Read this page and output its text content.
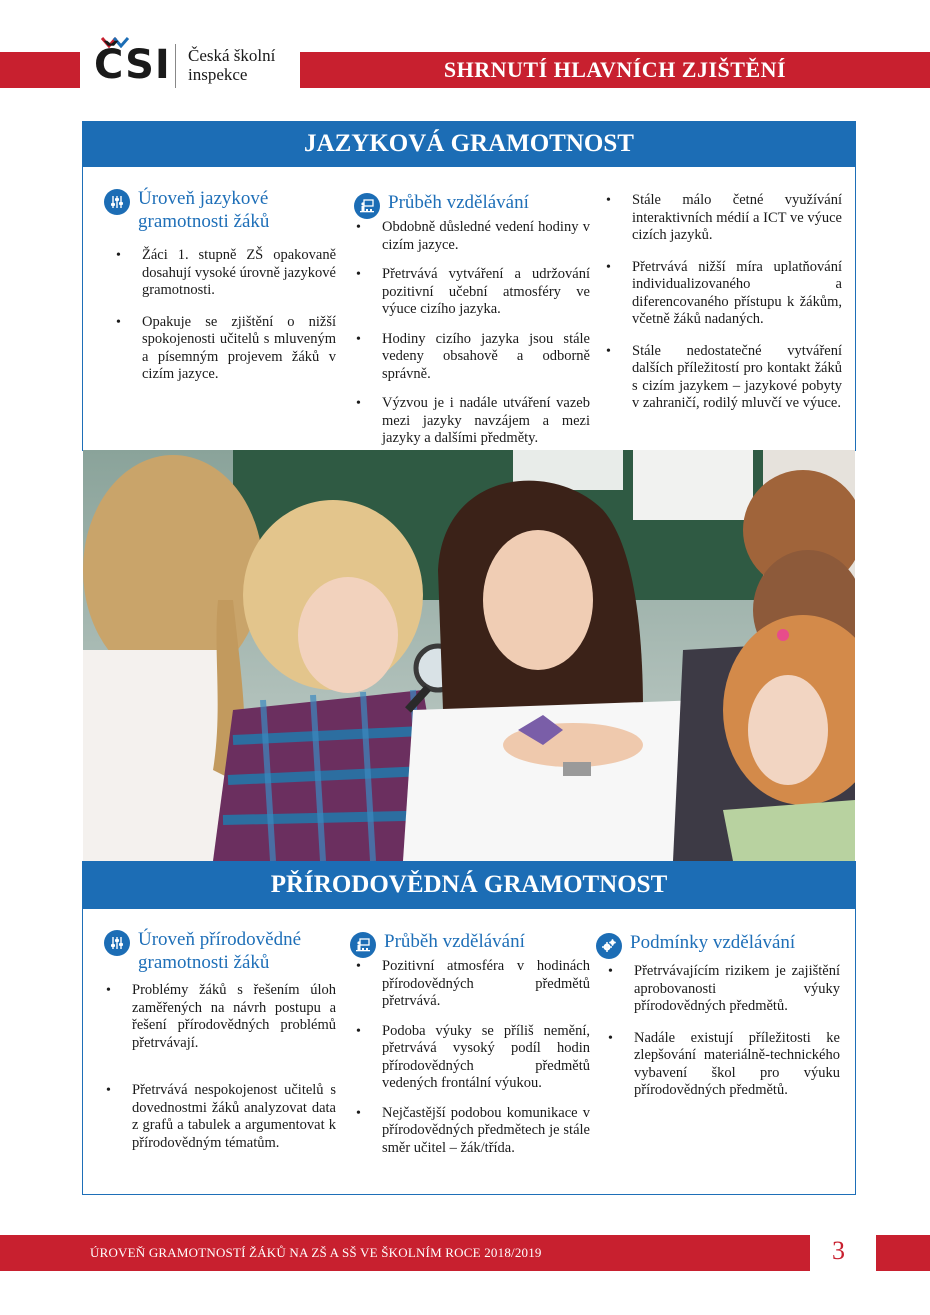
ČSI Česká školní
inspekce	SHRNUTÍ HLAVNÍCH ZJIŠTĚNÍ
JAZYKOVÁ GRAMOTNOST
Úroveň jazykové gramotnosti žáků
• Žáci 1. stupně ZŠ opakovaně dosahují vysoké úrovně jazykové gramotnosti.
• Opakuje se zjištění o nižší spokojenosti učitelů s mluveným a písemným projevem žáků v cizím jazyce.
Průběh vzdělávání
• Obdobně důsledné vedení hodiny v cizím jazyce.
• Přetrvává vytváření a udržování pozitivní učební atmosféry ve výuce cizího jazyka.
• Hodiny cizího jazyka jsou stále vedeny obsahově a odborně správně.
• Výzvou je i nadále utváření vazeb mezi jazyky navzájem a mezi jazyky a dalšími předměty.
• Stále málo četné využívání interaktivních médií a ICT ve výuce cizích jazyků.
• Přetrvává nižší míra uplatňování individualizovaného a diferencovaného přístupu k žákům, včetně žáků nadaných.
• Stále nedostatečné vytváření dalších příležitostí pro kontakt žáků s cizím jazykem – jazykové pobyty v zahraničí, rodilý mluvčí ve výuce.
PŘÍRODOVĚDNÁ GRAMOTNOST
Úroveň přírodovědné gramotnosti žáků
• Problémy žáků s řešením úloh zaměřených na návrh postupu a řešení přírodovědných problémů přetrvávají.
• Přetrvává nespokojenost učitelů s dovednostmi žáků analyzovat data z grafů a tabulek a argumentovat k přírodovědným tématům.
Průběh vzdělávání
• Pozitivní atmosféra v hodinách přírodovědných předmětů přetrvává.
• Podoba výuky se příliš nemění, přetrvává vysoký podíl hodin přírodovědných předmětů vedených frontální výukou.
• Nejčastější podobou komunikace v přírodovědných předmětech je stále směr učitel – žák/třída.
Podmínky vzdělávání
• Přetrvávajícím rizikem je zajištění aprobovanosti výuky přírodovědných předmětů.
• Nadále existují příležitosti ke zlepšování materiálně-technického vybavení škol pro výuku přírodovědných předmětů.
ÚROVEŇ GRAMOTNOSTÍ ŽÁKŮ NA ZŠ A SŠ VE ŠKOLNÍM ROCE 2018/2019	3
